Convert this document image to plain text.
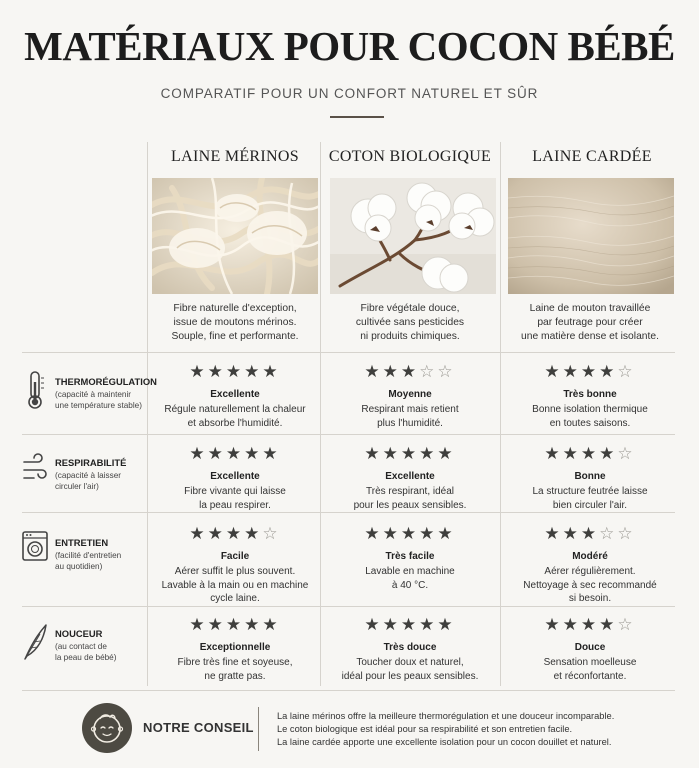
MATÉRIAUX POUR COCON BÉBÉ
COMPARATIF POUR UN CONFORT NATUREL ET SÛR
LAINE MÉRINOS	COTON BIOLOGIQUE	LAINE CARDÉE
Fibre naturelle d'exception,
issue de moutons mérinos.
Souple, fine et performante.
Fibre végétale douce,
cultivée sans pesticides
ni produits chimiques.
Laine de mouton travaillée
par feutrage pour créer
une matière dense et isolante.
THERMORÉGULATION
(capacité à maintenir
une température stable)
RESPIRABILITÉ
(capacité à laisser
circuler l'air)
ENTRETIEN
(facilité d'entretien
au quotidien)
NOUCEUR
(au contact de
la peau de bébé)
★★★★★
Excellente
Régule naturellement la chaleur
et absorbe l'humidité.
★★★☆☆
Moyenne
Respirant mais retient
plus l'humidité.
★★★★☆
Très bonne
Bonne isolation thermique
en toutes saisons.
★★★★★
Excellente
Fibre vivante qui laisse
la peau respirer.
★★★★★
Excellente
Très respirant, idéal
pour les peaux sensibles.
★★★★☆
Bonne
La structure feutrée laisse
bien circuler l'air.
★★★★☆
Facile
Aérer suffit le plus souvent.
Lavable à la main ou en machine
cycle laine.
★★★★★
Très facile
Lavable en machine
à 40 °C.
★★★☆☆
Modéré
Aérer régulièrement.
Nettoyage à sec recommandé
si besoin.
★★★★★
Exceptionnelle
Fibre très fine et soyeuse,
ne gratte pas.
★★★★★
Très douce
Toucher doux et naturel,
idéal pour les peaux sensibles.
★★★★☆
Douce
Sensation moelleuse
et réconfortante.
NOTRE CONSEIL
La laine mérinos offre la meilleure thermorégulation et une douceur incomparable.
Le coton biologique est idéal pour sa respirabilité et son entretien facile.
La laine cardée apporte une excellente isolation pour un cocon douillet et naturel.
